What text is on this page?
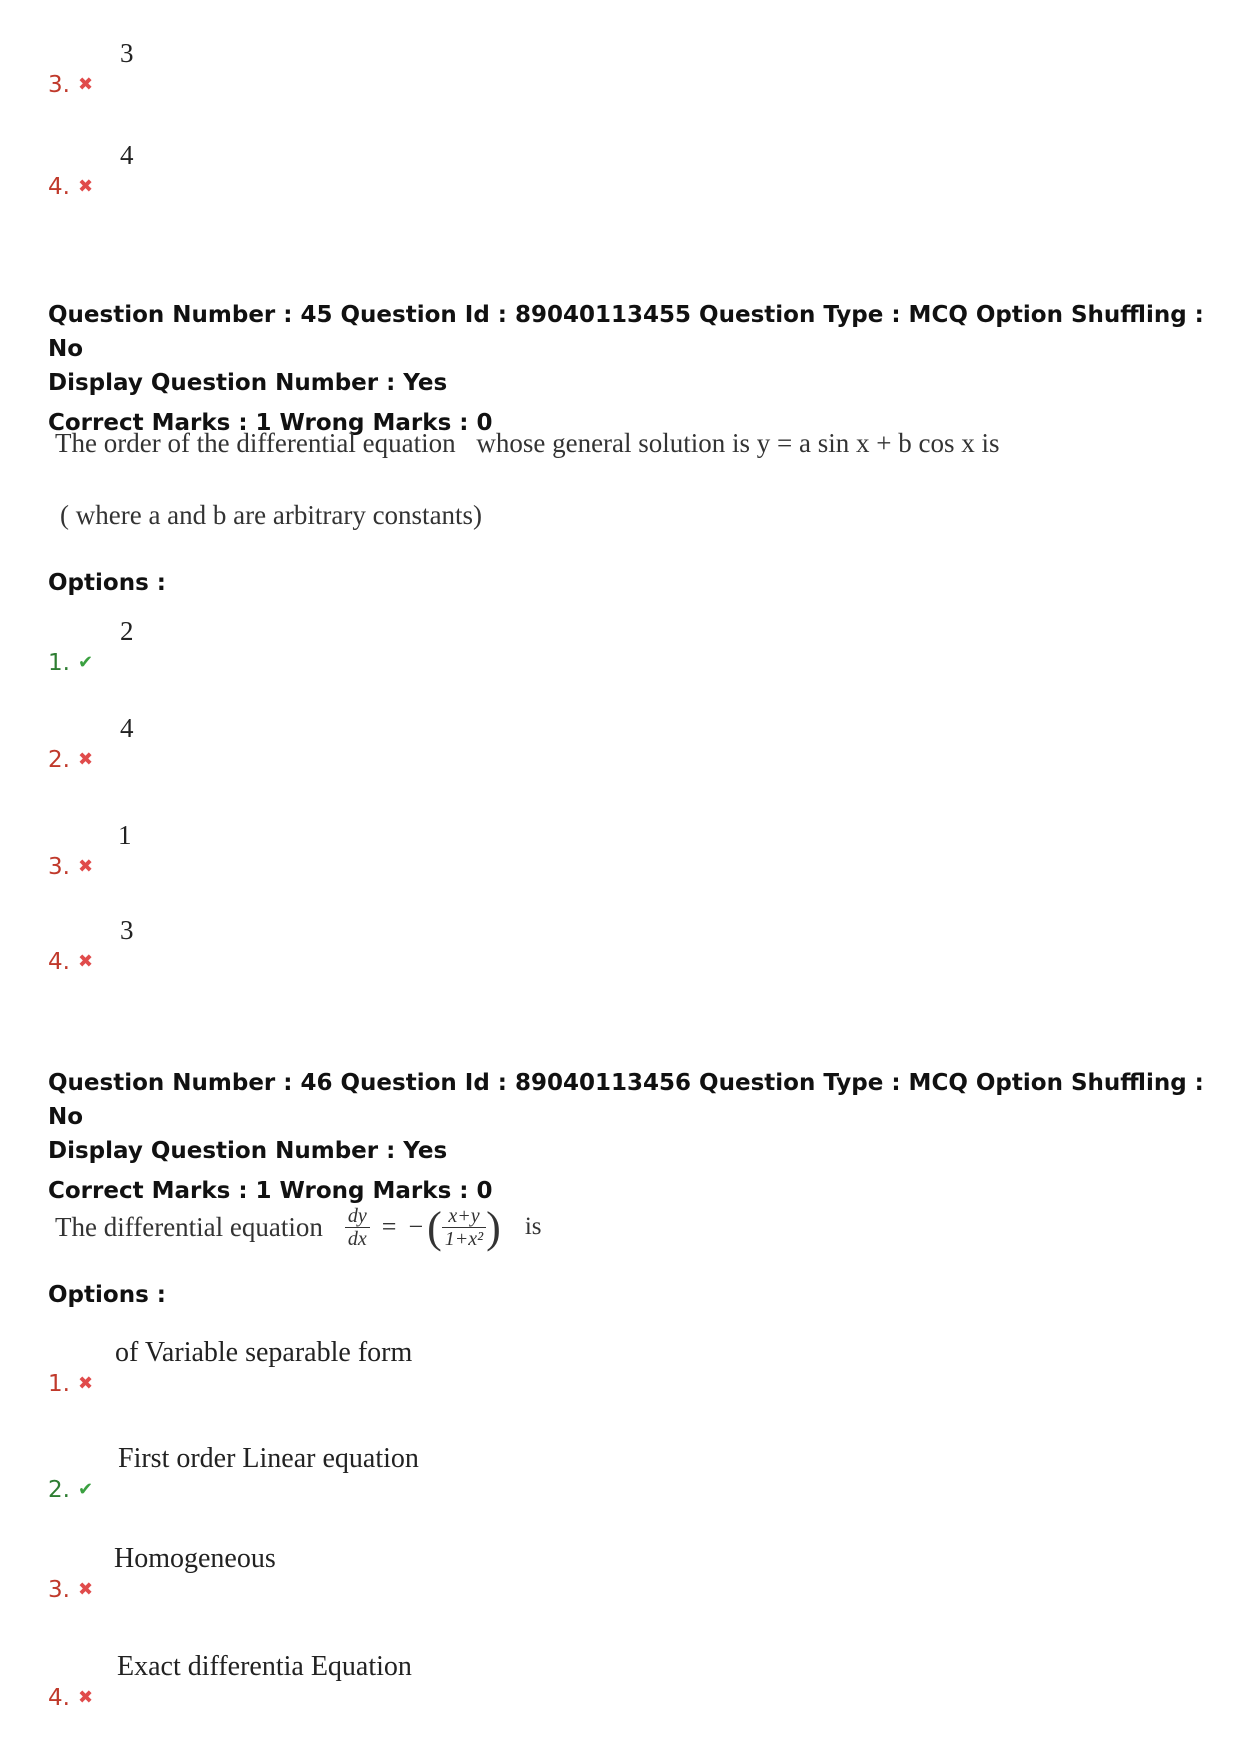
3. ✖
3
4. ✖
4
Question Number : 45 Question Id : 89040113455 Question Type : MCQ Option Shuffling : No
Display Question Number : Yes
Correct Marks : 1 Wrong Marks : 0
The order of the differential equation whose general solution is y = a sin x + b cos x is
( where a and b are arbitrary constants)
Options :
1. ✔
2
2. ✖
4
3. ✖
1
4. ✖
3
Question Number : 46 Question Id : 89040113456 Question Type : MCQ Option Shuffling : No
Display Question Number : Yes
Correct Marks : 1 Wrong Marks : 0
The differential equation $\frac{dy}{dx}$ = − ( $\frac{x+y}{\text{1+x²}}$ ) is
Options :
1. ✖
of Variable separable form
2. ✔
First order Linear equation
3. ✖
Homogeneous
4. ✖
Exact differentia Equation
